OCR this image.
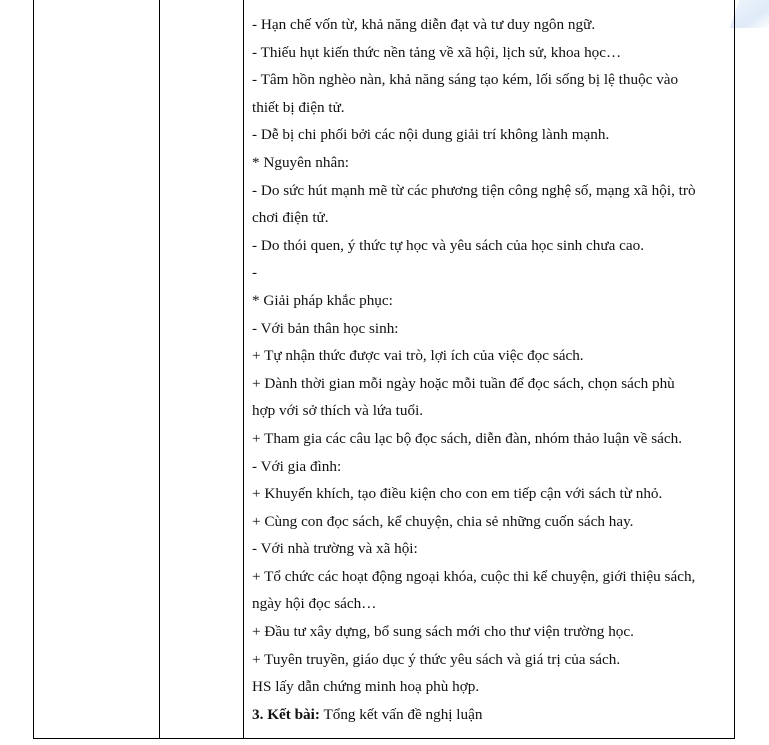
- Hạn chế vốn từ, khả năng diễn đạt và tư duy ngôn ngữ.
- Thiếu hụt kiến thức nền tảng về xã hội, lịch sử, khoa học…
- Tâm hồn nghèo nàn, khả năng sáng tạo kém, lối sống bị lệ thuộc vào
thiết bị điện tử.
- Dễ bị chi phối bởi các nội dung giải trí không lành mạnh.
* Nguyên nhân:
- Do sức hút mạnh mẽ từ các phương tiện công nghệ số, mạng xã hội, trò
chơi điện tử.
- Do thói quen, ý thức tự học và yêu sách của học sinh chưa cao.
-
* Giải pháp khắc phục:
- Với bản thân học sinh:
+ Tự nhận thức được vai trò, lợi ích của việc đọc sách.
+ Dành thời gian mỗi ngày hoặc mỗi tuần để đọc sách, chọn sách phù
hợp với sở thích và lứa tuổi.
+ Tham gia các câu lạc bộ đọc sách, diễn đàn, nhóm thảo luận về sách.
- Với gia đình:
+ Khuyến khích, tạo điều kiện cho con em tiếp cận với sách từ nhỏ.
+ Cùng con đọc sách, kể chuyện, chia sẻ những cuốn sách hay.
- Với nhà trường và xã hội:
+ Tổ chức các hoạt động ngoại khóa, cuộc thi kể chuyện, giới thiệu sách,
ngày hội đọc sách…
+ Đầu tư xây dựng, bổ sung sách mới cho thư viện trường học.
+ Tuyên truyền, giáo dục ý thức yêu sách và giá trị của sách.
HS lấy dẫn chứng minh hoạ phù hợp.
3. Kết bài: Tổng kết vấn đề nghị luận
